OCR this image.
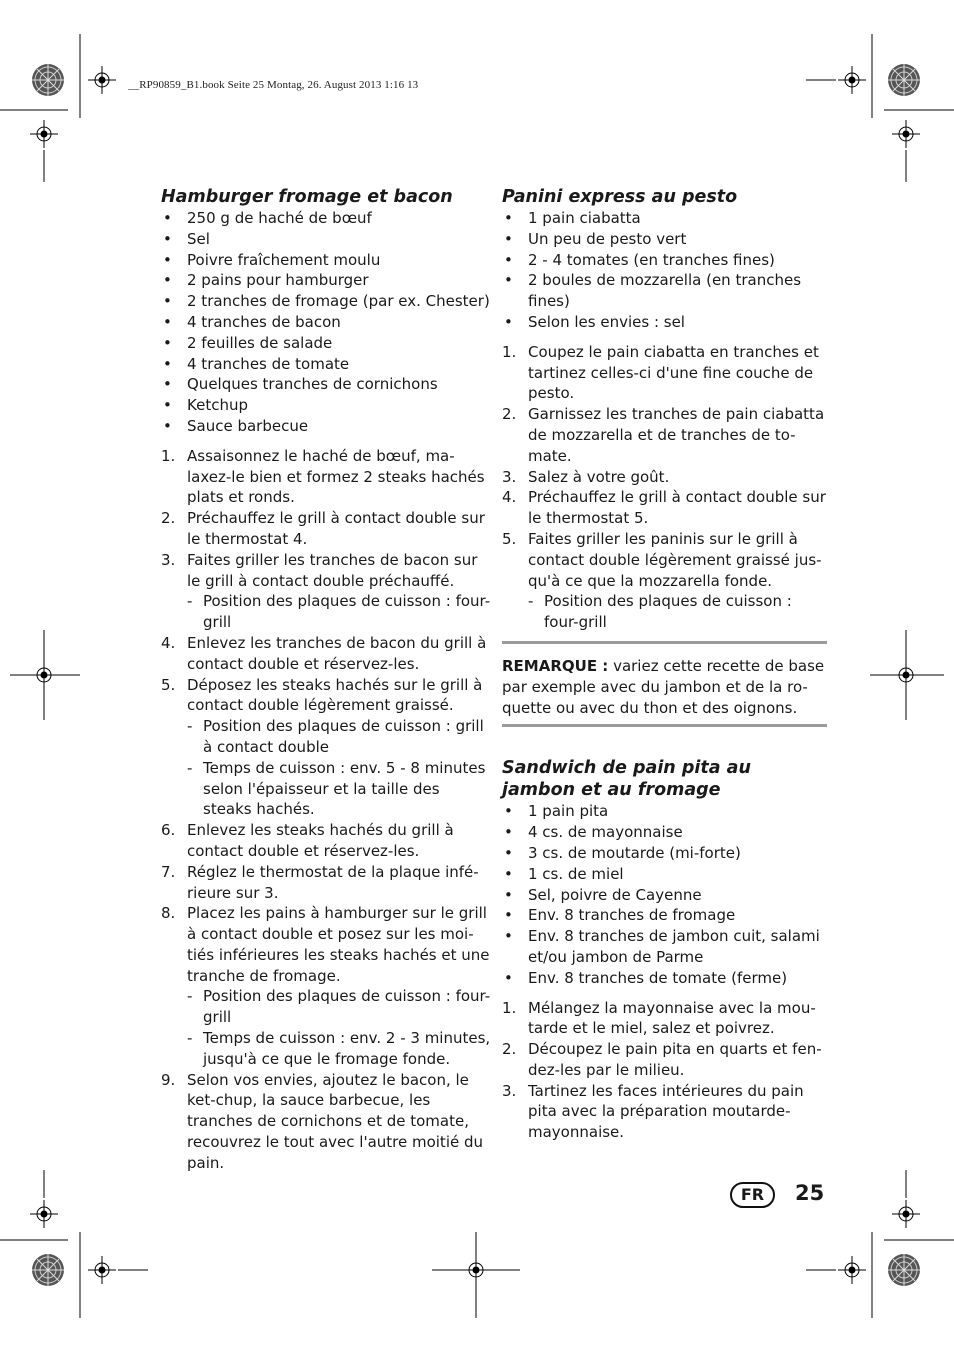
__RP90859_B1.book Seite 25 Montag, 26. August 2013 1:16 13
Hamburger fromage et bacon
• 250 g de haché de bœuf
• Sel
• Poivre fraîchement moulu
• 2 pains pour hamburger
• 2 tranches de fromage (par ex. Chester)
• 4 tranches de bacon
• 2 feuilles de salade
• 4 tranches de tomate
• Quelques tranches de cornichons
• Ketchup
• Sauce barbecue
1. Assaisonnez le haché de bœuf, ma-laxez-le bien et formez 2 steaks hachés plats et ronds.
2. Préchauffez le grill à contact double sur le thermostat 4.
3. Faites griller les tranches de bacon sur le grill à contact double préchauffé.
- Position des plaques de cuisson : four-grill
4. Enlevez les tranches de bacon du grill à contact double et réservez-les.
5. Déposez les steaks hachés sur le grill à contact double légèrement graissé.
- Position des plaques de cuisson : grill à contact double
- Temps de cuisson : env. 5 - 8 minutes selon l'épaisseur et la taille des steaks hachés.
6. Enlevez les steaks hachés du grill à contact double et réservez-les.
7. Réglez le thermostat de la plaque infé-rieure sur 3.
8. Placez les pains à hamburger sur le grill à contact double et posez sur les moi-tiés inférieures les steaks hachés et une tranche de fromage.
- Position des plaques de cuisson : four-grill
- Temps de cuisson : env. 2 - 3 minutes, jusqu'à ce que le fromage fonde.
9. Selon vos envies, ajoutez le bacon, le ket-chup, la sauce barbecue, les tranches de cornichons et de tomate, recouvrez le tout avec l'autre moitié du pain.
Panini express au pesto
• 1 pain ciabatta
• Un peu de pesto vert
• 2 - 4 tomates (en tranches fines)
• 2 boules de mozzarella (en tranches fines)
• Selon les envies : sel
1. Coupez le pain ciabatta en tranches et tartinez celles-ci d'une fine couche de pesto.
2. Garnissez les tranches de pain ciabatta de mozzarella et de tranches de to-mate.
3. Salez à votre goût.
4. Préchauffez le grill à contact double sur le thermostat 5.
5. Faites griller les paninis sur le grill à contact double légèrement graissé jus-qu'à ce que la mozzarella fonde.
- Position des plaques de cuisson : four-grill
REMARQUE : variez cette recette de base par exemple avec du jambon et de la ro-quette ou avec du thon et des oignons.
Sandwich de pain pita au jambon et au fromage
• 1 pain pita
• 4 cs. de mayonnaise
• 3 cs. de moutarde (mi-forte)
• 1 cs. de miel
• Sel, poivre de Cayenne
• Env. 8 tranches de fromage
• Env. 8 tranches de jambon cuit, salami et/ou jambon de Parme
• Env. 8 tranches de tomate (ferme)
1. Mélangez la mayonnaise avec la mou-tarde et le miel, salez et poivrez.
2. Découpez le pain pita en quarts et fen-dez-les par le milieu.
3. Tartinez les faces intérieures du pain pita avec la préparation moutarde-mayonnaise.
FR	25
